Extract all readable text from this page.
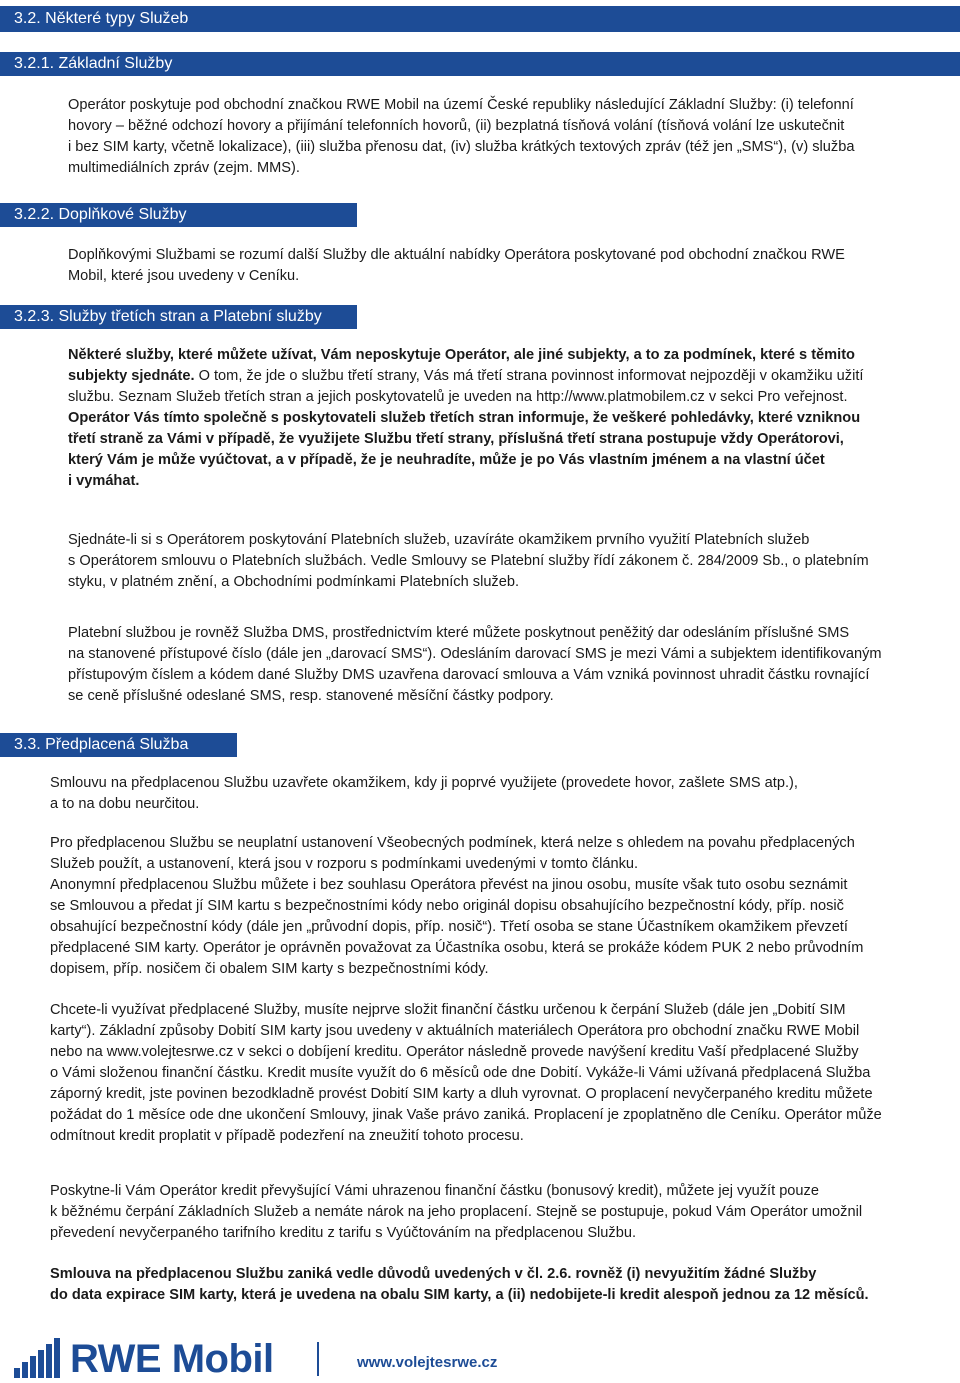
3.2. Některé typy Služeb
3.2.1. Základní Služby
Operátor poskytuje pod obchodní značkou RWE Mobil na území České republiky následující Základní Služby: (i) telefonní
hovory – běžné odchozí hovory a přijímání telefonních hovorů, (ii) bezplatná tísňová volání (tísňová volání lze uskutečnit
i bez SIM karty, včetně lokalizace), (iii) služba přenosu dat, (iv) služba krátkých textových zpráv (též jen „SMS“), (v) služba
multimediálních zpráv (zejm. MMS).
3.2.2. Doplňkové Služby
Doplňkovými Službami se rozumí další Služby dle aktuální nabídky Operátora poskytované pod obchodní značkou RWE
Mobil, které jsou uvedeny v Ceníku.
3.2.3. Služby třetích stran a Platební služby
Některé služby, které můžete užívat, Vám neposkytuje Operátor, ale jiné subjekty, a to za podmínek, které s těmito
subjekty sjednáte. O tom, že jde o službu třetí strany, Vás má třetí strana povinnost informovat nejpozději v okamžiku užití
službu. Seznam Služeb třetích stran a jejich poskytovatelů je uveden na http://www.platmobilem.cz v sekci Pro veřejnost.
Operátor Vás tímto společně s poskytovateli služeb třetích stran informuje, že veškeré pohledávky, které vzniknou
třetí straně za Vámi v případě, že využijete Službu třetí strany, příslušná třetí strana postupuje vždy Operátorovi,
který Vám je může vyúčtovat, a v případě, že je neuhradíte, může je po Vás vlastním jménem a na vlastní účet
i vymáhat.
Sjednáte-li si s Operátorem poskytování Platebních služeb, uzavíráte okamžikem prvního využití Platebních služeb
s Operátorem smlouvu o Platebních službách. Vedle Smlouvy se Platební služby řídí zákonem č. 284/2009 Sb., o platebním
styku, v platném znění, a Obchodními podmínkami Platebních služeb.
Platební službou je rovněž Služba DMS, prostřednictvím které můžete poskytnout peněžitý dar odesláním příslušné SMS
na stanovené přístupové číslo (dále jen „darovací SMS“). Odesláním darovací SMS je mezi Vámi a subjektem identifikovaným
přístupovým číslem a kódem dané Služby DMS uzavřena darovací smlouva a Vám vzniká povinnost uhradit částku rovnající
se ceně příslušné odeslané SMS, resp. stanovené měsíční částky podpory.
3.3. Předplacená Služba
Smlouvu na předplacenou Službu uzavřete okamžikem, kdy ji poprvé využijete (provedete hovor, zašlete SMS atp.),
a to na dobu neurčitou.
Pro předplacenou Službu se neuplatní ustanovení Všeobecných podmínek, která nelze s ohledem na povahu předplacených
Služeb použít, a ustanovení, která jsou v rozporu s podmínkami uvedenými v tomto článku.
Anonymní předplacenou Službu můžete i bez souhlasu Operátora převést na jinou osobu, musíte však tuto osobu seznámit
se Smlouvou a předat jí SIM kartu s bezpečnostními kódy nebo originál dopisu obsahujícího bezpečnostní kódy, příp. nosič
obsahující bezpečnostní kódy (dále jen „průvodní dopis, příp. nosič“). Třetí osoba se stane Účastníkem okamžikem převzetí
předplacené SIM karty. Operátor je oprávněn považovat za Účastníka osobu, která se prokáže kódem PUK 2 nebo průvodním
dopisem, příp. nosičem či obalem SIM karty s bezpečnostními kódy.
Chcete-li využívat předplacené Služby, musíte nejprve složit finanční částku určenou k čerpání Služeb (dále jen „Dobití SIM
karty“). Základní způsoby Dobití SIM karty jsou uvedeny v aktuálních materiálech Operátora pro obchodní značku RWE Mobil
nebo na www.volejtesrwe.cz v sekci o dobíjení kreditu. Operátor následně provede navýšení kreditu Vaší předplacené Služby
o Vámi složenou finanční částku. Kredit musíte využít do 6 měsíců ode dne Dobití. Vykáže-li Vámi užívaná předplacená Služba
záporný kredit, jste povinen bezodkladně provést Dobití SIM karty a dluh vyrovnat. O proplacení nevyčerpaného kreditu můžete
požádat do 1 měsíce ode dne ukončení Smlouvy, jinak Vaše právo zaniká. Proplacení je zpoplatněno dle Ceníku. Operátor může
odmítnout kredit proplatit v případě podezření na zneužití tohoto procesu.
Poskytne-li Vám Operátor kredit převyšující Vámi uhrazenou finanční částku (bonusový kredit), můžete jej využít pouze
k běžnému čerpání Základních Služeb a nemáte nárok na jeho proplacení. Stejně se postupuje, pokud Vám Operátor umožnil
převedení nevyčerpaného tarifního kreditu z tarifu s Vyúčtováním na předplacenou Službu.
Smlouva na předplacenou Službu zaniká vedle důvodů uvedených v čl. 2.6. rovněž (i) nevyužitím žádné Služby
do data expirace SIM karty, která je uvedena na obalu SIM karty, a (ii) nedobijete-li kredit alespoň jednou za 12 měsíců.
RWE Mobil	www.volejtesrwe.cz
